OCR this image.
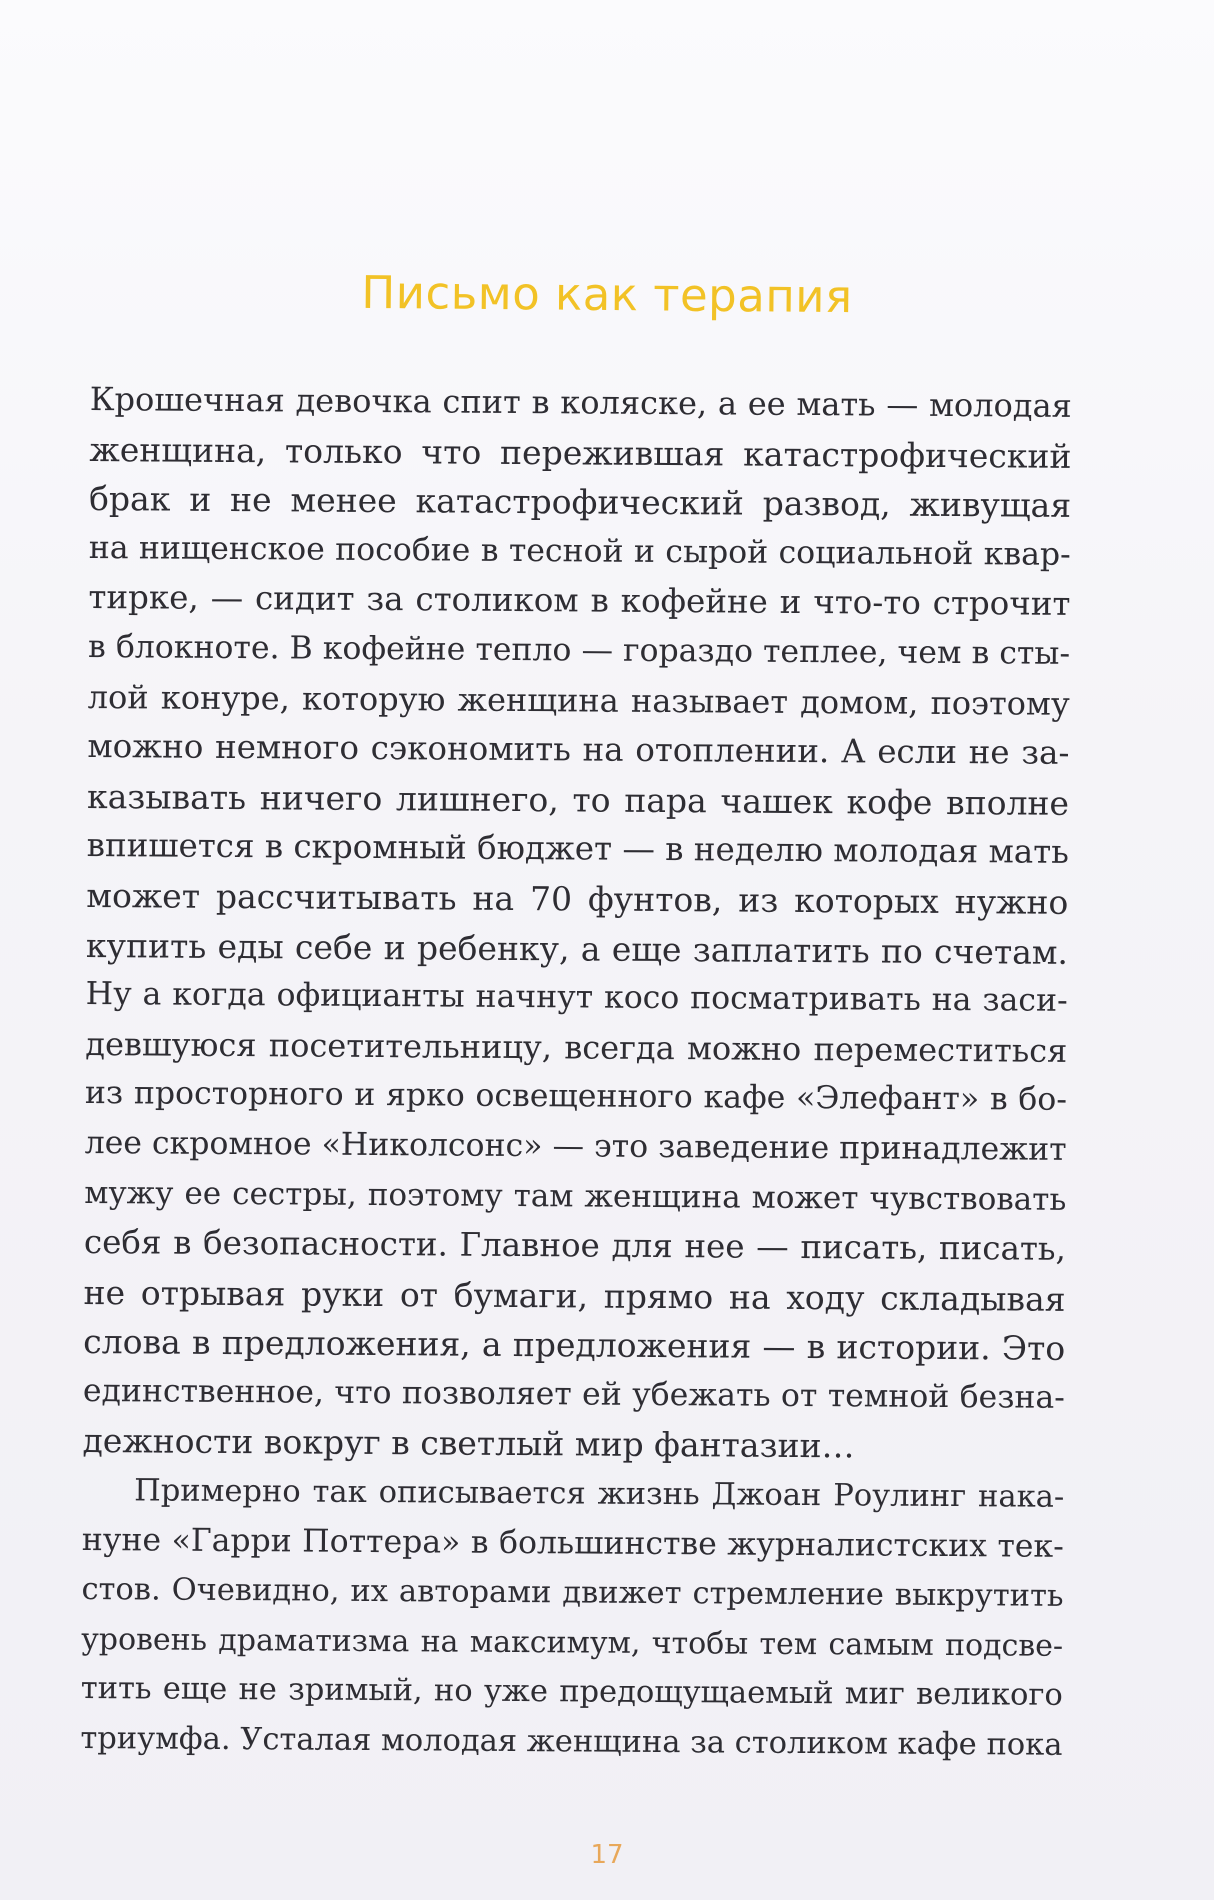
Письмо как терапия
Крошечная девочка спит в коляске, а ее мать — молодая
женщина, только что пережившая катастрофический
брак и не менее катастрофический развод, живущая
на нищенское пособие в тесной и сырой социальной квар-
тирке, — сидит за столиком в кофейне и что-то строчит
в блокноте. В кофейне тепло — гораздо теплее, чем в сты-
лой конуре, которую женщина называет домом, поэтому
можно немного сэкономить на отоплении. А если не за-
казывать ничего лишнего, то пара чашек кофе вполне
впишется в скромный бюджет — в неделю молодая мать
может рассчитывать на 70 фунтов, из которых нужно
купить еды себе и ребенку, а еще заплатить по счетам.
Ну а когда официанты начнут косо посматривать на заси-
девшуюся посетительницу, всегда можно переместиться
из просторного и ярко освещенного кафе «Элефант» в бо-
лее скромное «Николсонс» — это заведение принадлежит
мужу ее сестры, поэтому там женщина может чувствовать
себя в безопасности. Главное для нее — писать, писать,
не отрывая руки от бумаги, прямо на ходу складывая
слова в предложения, а предложения — в истории. Это
единственное, что позволяет ей убежать от темной безна-
дежности вокруг в светлый мир фантазии…
Примерно так описывается жизнь Джоан Роулинг нака-
нуне «Гарри Поттера» в большинстве журналистских тек-
стов. Очевидно, их авторами движет стремление выкрутить
уровень драматизма на максимум, чтобы тем самым подсве-
тить еще не зримый, но уже предощущаемый миг великого
триумфа. Усталая молодая женщина за столиком кафе пока
17
